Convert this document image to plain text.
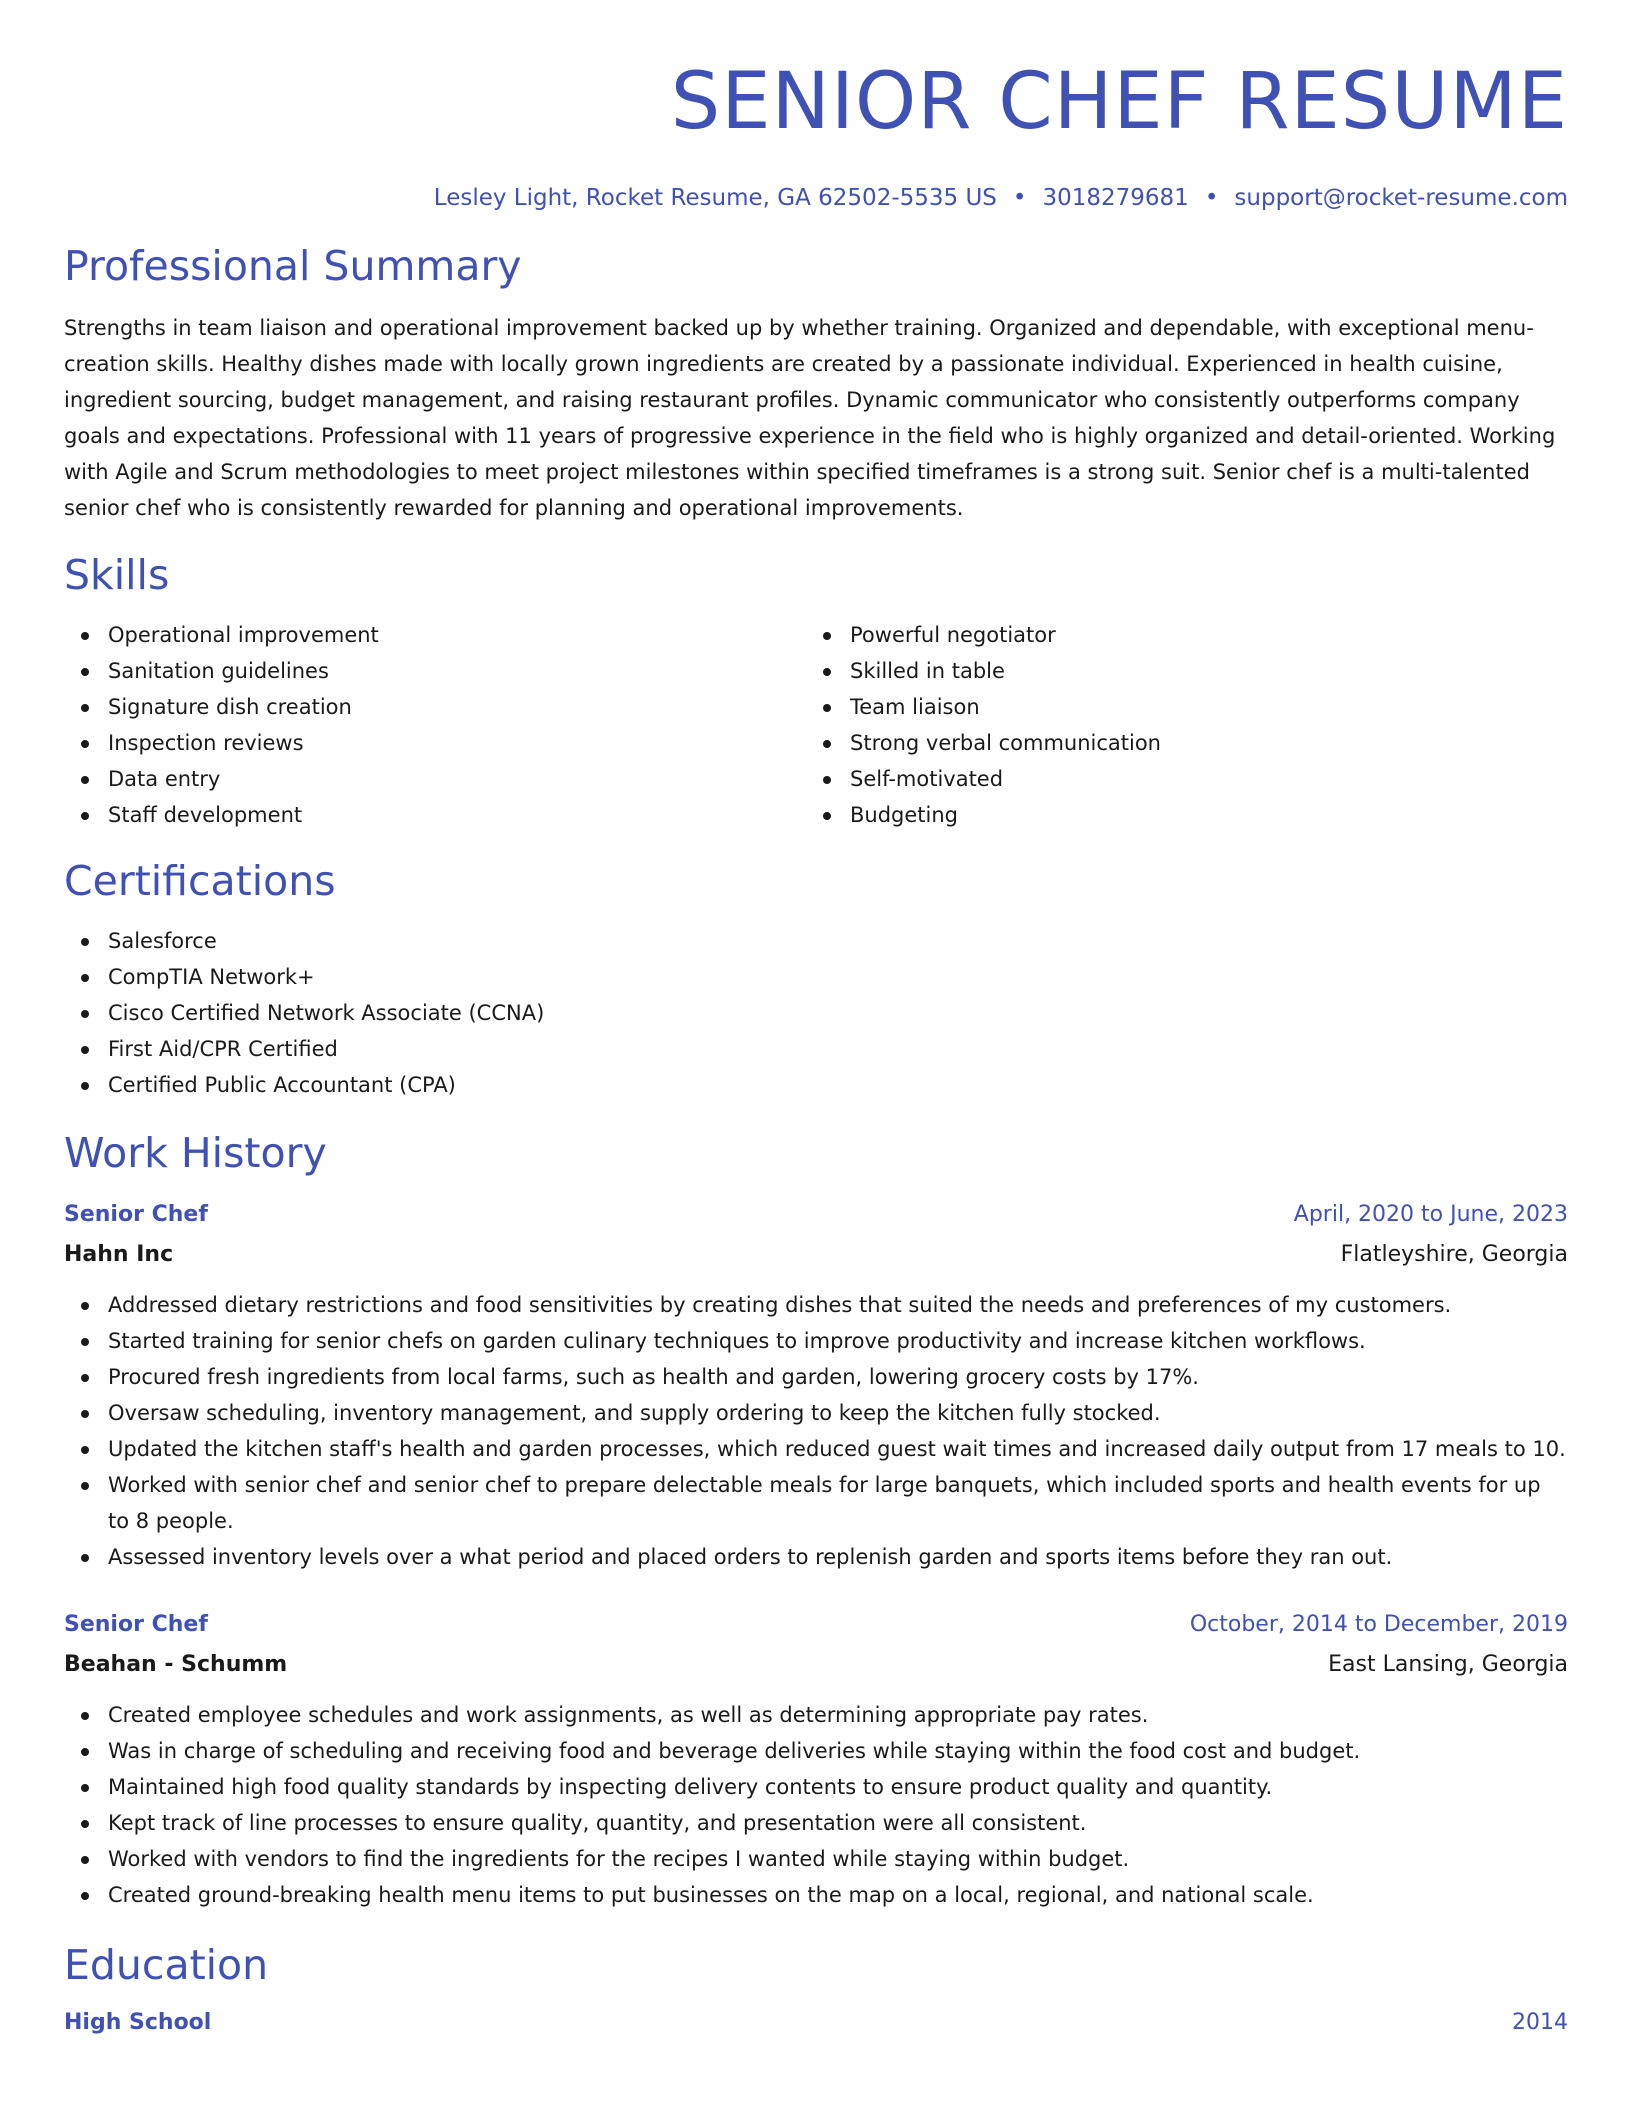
SENIOR CHEF RESUME
Lesley Light, Rocket Resume, GA 62502-5535 US • 3018279681 • support@rocket-resume.com
Professional Summary

Strengths in team liaison and operational improvement backed up by whether training. Organized and dependable, with exceptional menu-creation skills. Healthy dishes made with locally grown ingredients are created by a passionate individual. Experienced in health cuisine, ingredient sourcing, budget management, and raising restaurant profiles. Dynamic communicator who consistently outperforms company goals and expectations. Professional with 11 years of progressive experience in the field who is highly organized and detail-oriented. Working with Agile and Scrum methodologies to meet project milestones within specified timeframes is a strong suit. Senior chef is a multi-talented senior chef who is consistently rewarded for planning and operational improvements.

Skills
Operational improvement
Sanitation guidelines
Signature dish creation
Inspection reviews
Data entry
Staff development
Powerful negotiator
Skilled in table
Team liaison
Strong verbal communication
Self-motivated
Budgeting
Certifications
Salesforce
CompTIA Network+
Cisco Certified Network Associate (CCNA)
First Aid/CPR Certified
Certified Public Accountant (CPA)
Work History
Senior Chef	April, 2020 to June, 2023
Hahn Inc	Flatleyshire, Georgia
Addressed dietary restrictions and food sensitivities by creating dishes that suited the needs and preferences of my customers.
Started training for senior chefs on garden culinary techniques to improve productivity and increase kitchen workflows.
Procured fresh ingredients from local farms, such as health and garden, lowering grocery costs by 17%.
Oversaw scheduling, inventory management, and supply ordering to keep the kitchen fully stocked.
Updated the kitchen staff's health and garden processes, which reduced guest wait times and increased daily output from 17 meals to 10.
Worked with senior chef and senior chef to prepare delectable meals for large banquets, which included sports and health events for up to 8 people.
Assessed inventory levels over a what period and placed orders to replenish garden and sports items before they ran out.
Senior Chef	October, 2014 to December, 2019
Beahan - Schumm	East Lansing, Georgia
Created employee schedules and work assignments, as well as determining appropriate pay rates.
Was in charge of scheduling and receiving food and beverage deliveries while staying within the food cost and budget.
Maintained high food quality standards by inspecting delivery contents to ensure product quality and quantity.
Kept track of line processes to ensure quality, quantity, and presentation were all consistent.
Worked with vendors to find the ingredients for the recipes I wanted while staying within budget.
Created ground-breaking health menu items to put businesses on the map on a local, regional, and national scale.
Education
High School	2014
